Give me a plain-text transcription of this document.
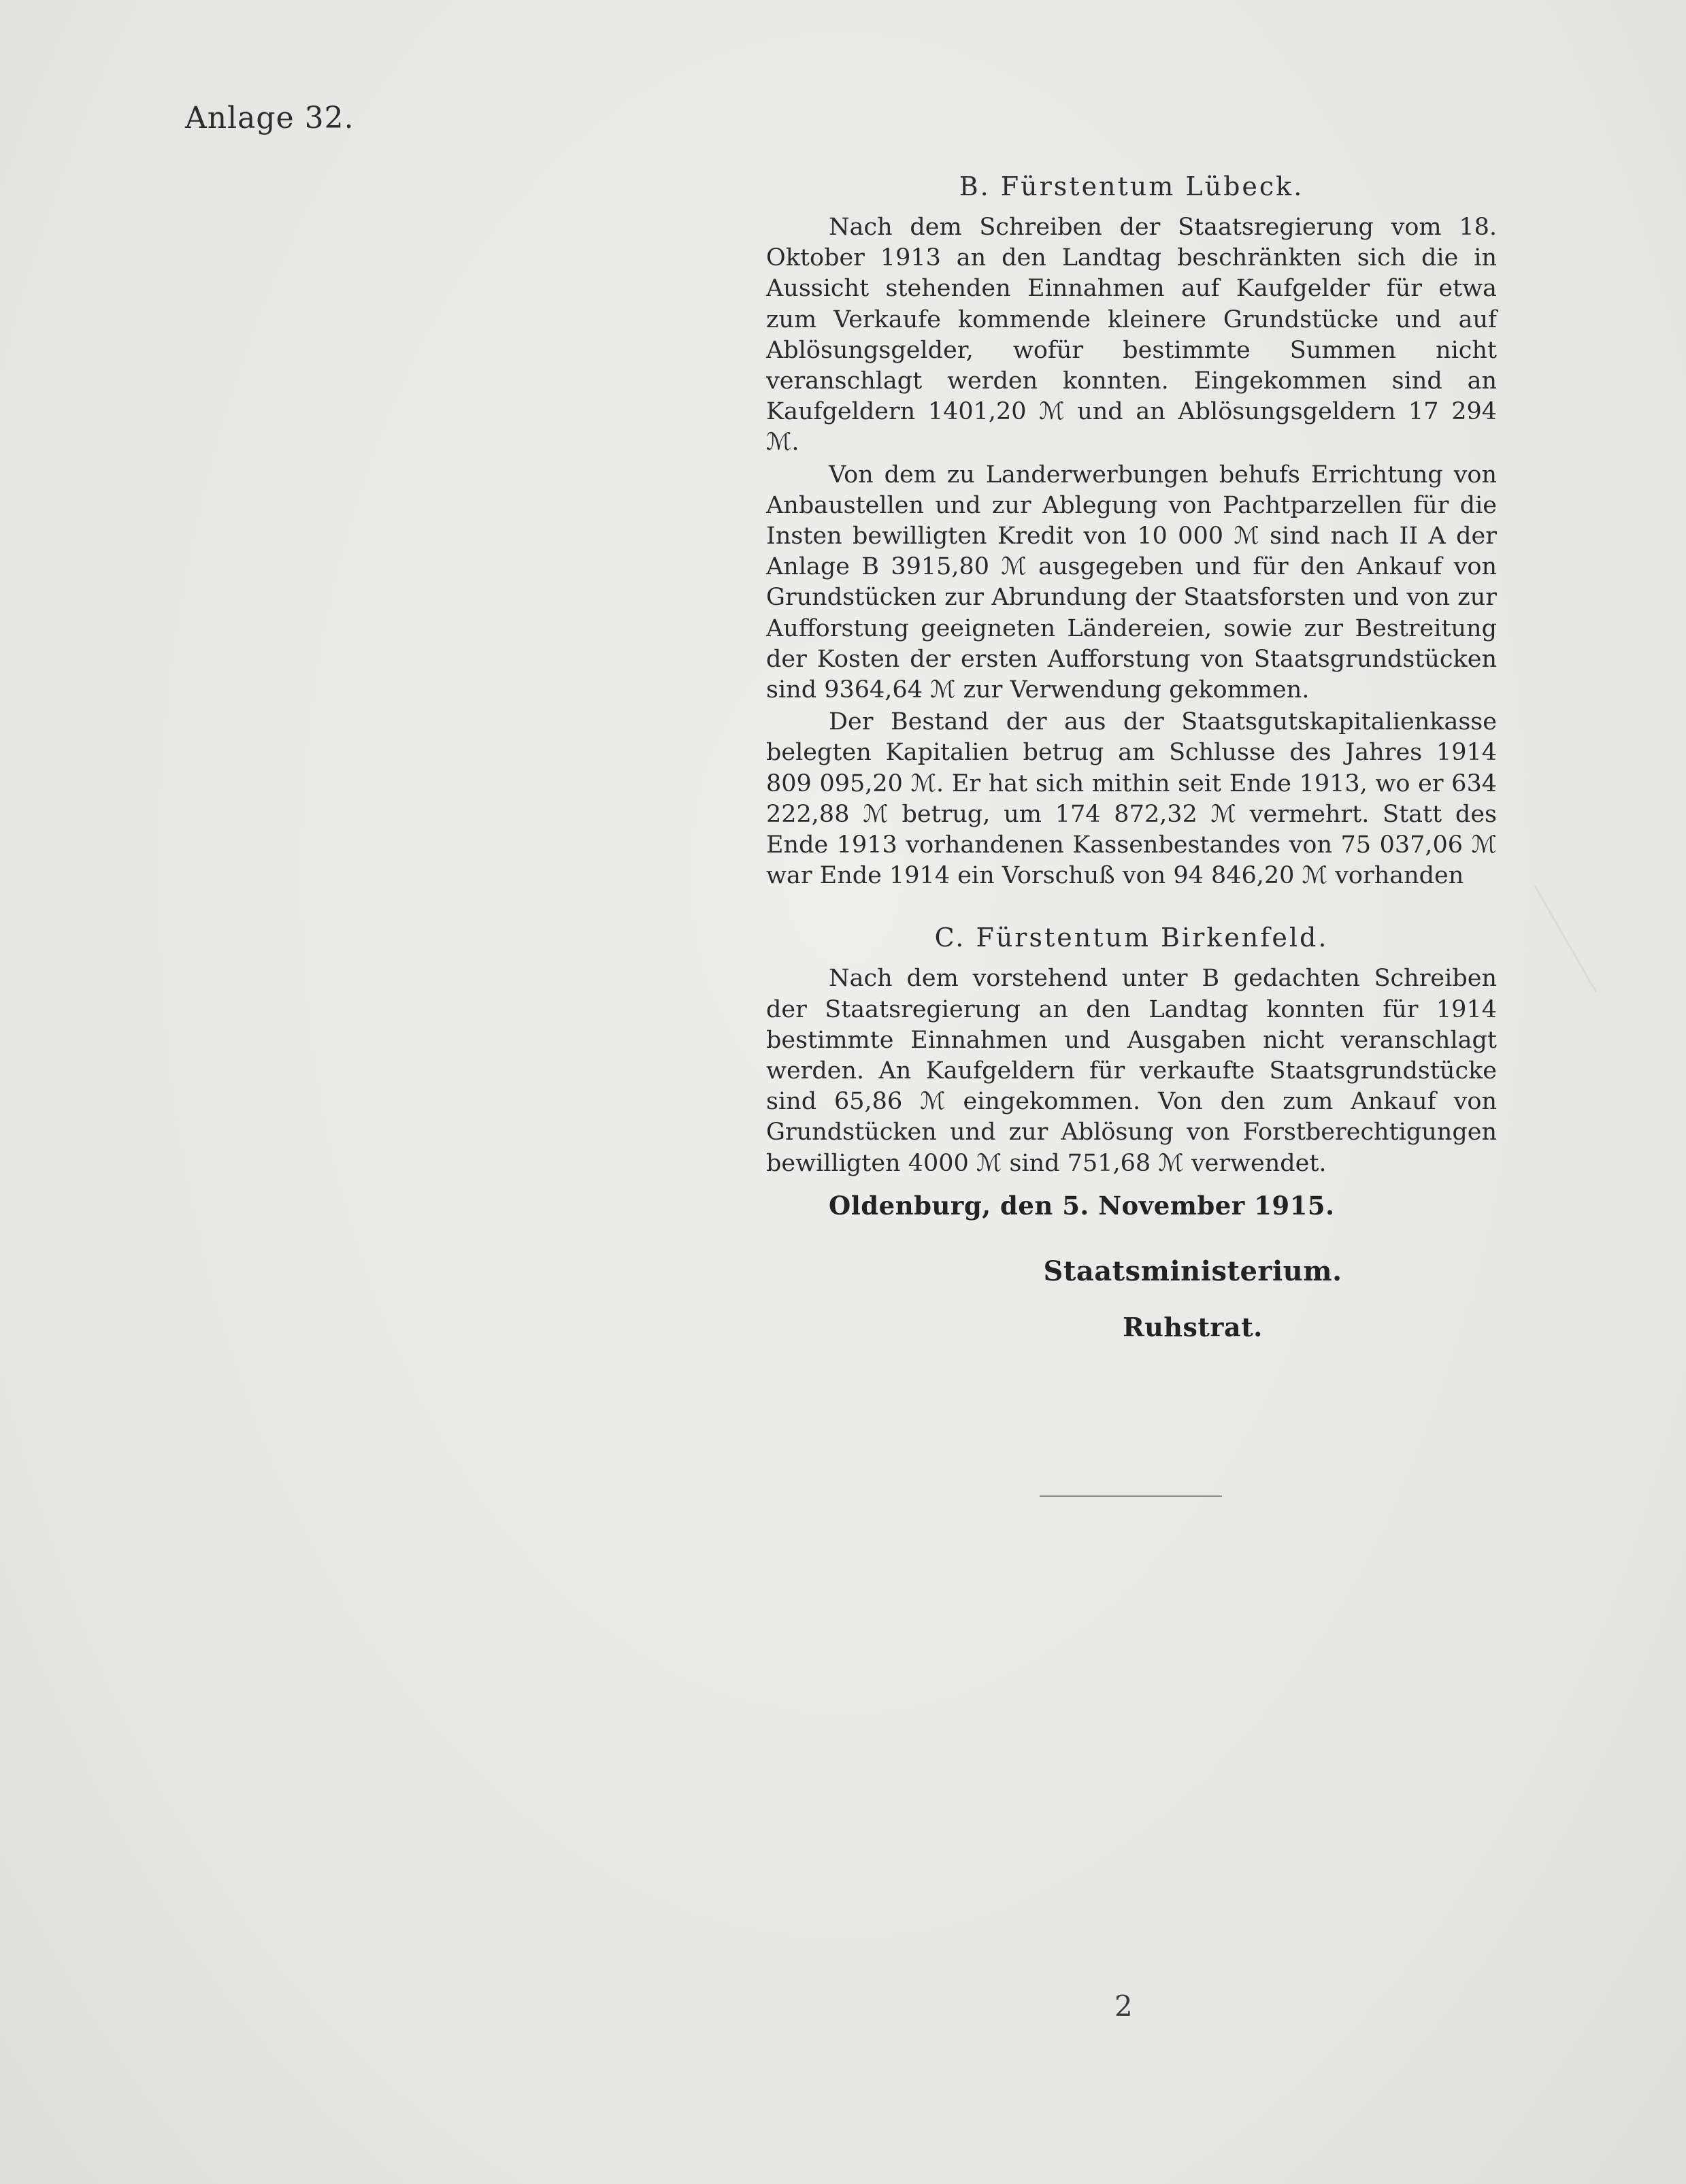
Anlage 32.
B. Fürstentum Lübeck.

Nach dem Schreiben der Staatsregierung vom 18. Oktober 1913 an den Landtag beschränkten sich die in Aussicht stehenden Einnahmen auf Kaufgelder für etwa zum Verkaufe kommende kleinere Grundstücke und auf Ablösungsgelder, wofür bestimmte Summen nicht veranschlagt werden konnten. Eingekommen sind an Kaufgeldern 1401,20 ℳ und an Ablösungsgeldern 17 294 ℳ.

Von dem zu Landerwerbungen behufs Errichtung von Anbaustellen und zur Ablegung von Pachtparzellen für die Insten bewilligten Kredit von 10 000 ℳ sind nach II A der Anlage B 3915,80 ℳ ausgegeben und für den Ankauf von Grundstücken zur Abrundung der Staatsforsten und von zur Aufforstung geeigneten Ländereien, sowie zur Bestreitung der Kosten der ersten Aufforstung von Staatsgrundstücken sind 9364,64 ℳ zur Verwendung gekommen.

Der Bestand der aus der Staatsgutskapitalienkasse belegten Kapitalien betrug am Schlusse des Jahres 1914 809 095,20 ℳ. Er hat sich mithin seit Ende 1913, wo er 634 222,88 ℳ betrug, um 174 872,32 ℳ vermehrt. Statt des Ende 1913 vorhandenen Kassenbestandes von 75 037,06 ℳ war Ende 1914 ein Vorschuß von 94 846,20 ℳ vorhanden

C. Fürstentum Birkenfeld.

Nach dem vorstehend unter B gedachten Schreiben der Staatsregierung an den Landtag konnten für 1914 bestimmte Einnahmen und Ausgaben nicht veranschlagt werden. An Kaufgeldern für verkaufte Staatsgrundstücke sind 65,86 ℳ eingekommen. Von den zum Ankauf von Grundstücken und zur Ablösung von Forstberechtigungen bewilligten 4000 ℳ sind 751,68 ℳ verwendet.

Oldenburg, den 5. November 1915.
Staatsministerium.
Ruhstrat.
2
